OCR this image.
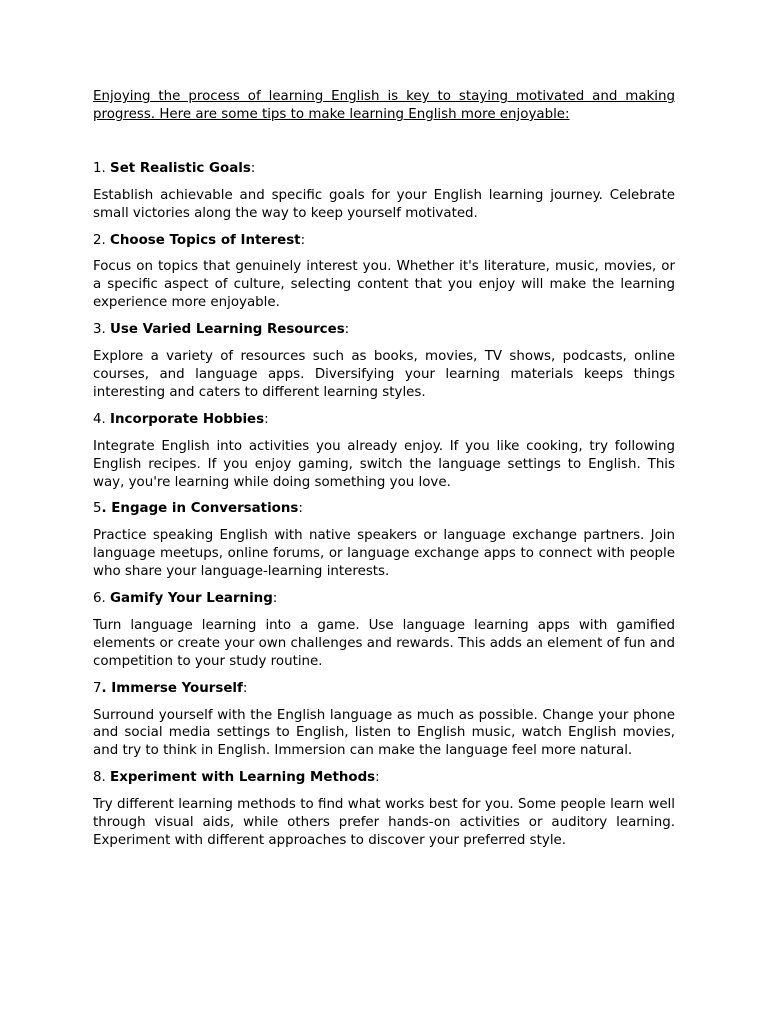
Enjoying the process of learning English is key to staying motivated and making progress. Here are some tips to make learning English more enjoyable:

1. Set Realistic Goals:

Establish achievable and specific goals for your English learning journey. Celebrate small victories along the way to keep yourself motivated.

2. Choose Topics of Interest:

Focus on topics that genuinely interest you. Whether it's literature, music, movies, or a specific aspect of culture, selecting content that you enjoy will make the learning experience more enjoyable.

3. Use Varied Learning Resources:

Explore a variety of resources such as books, movies, TV shows, podcasts, online courses, and language apps. Diversifying your learning materials keeps things interesting and caters to different learning styles.

4. Incorporate Hobbies:

Integrate English into activities you already enjoy. If you like cooking, try following English recipes. If you enjoy gaming, switch the language settings to English. This way, you're learning while doing something you love.

5. Engage in Conversations:

Practice speaking English with native speakers or language exchange partners. Join language meetups, online forums, or language exchange apps to connect with people who share your language-learning interests.

6. Gamify Your Learning:

Turn language learning into a game. Use language learning apps with gamified elements or create your own challenges and rewards. This adds an element of fun and competition to your study routine.

7. Immerse Yourself:

Surround yourself with the English language as much as possible. Change your phone and social media settings to English, listen to English music, watch English movies, and try to think in English. Immersion can make the language feel more natural.

8. Experiment with Learning Methods:

Try different learning methods to find what works best for you. Some people learn well through visual aids, while others prefer hands-on activities or auditory learning. Experiment with different approaches to discover your preferred style.
